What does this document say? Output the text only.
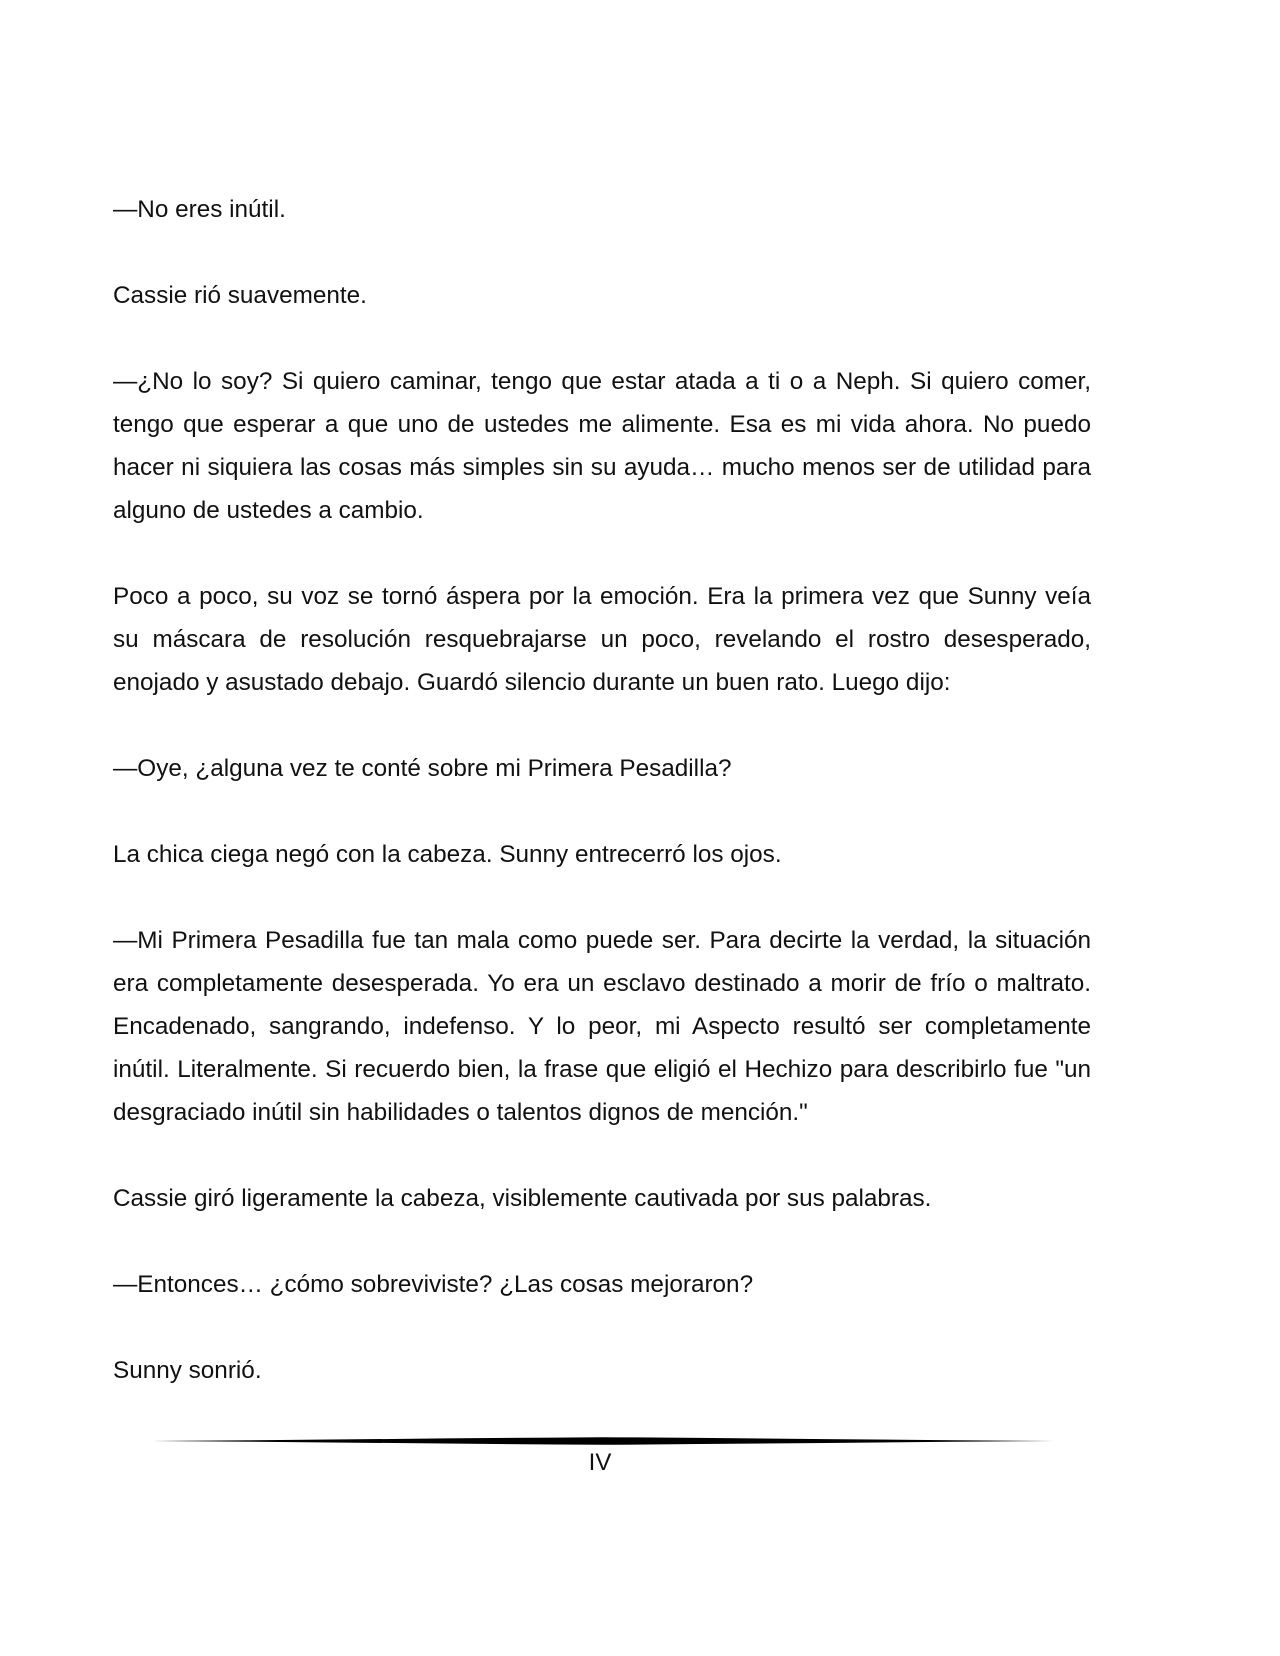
—No eres inútil.

Cassie rió suavemente.

—¿No lo soy? Si quiero caminar, tengo que estar atada a ti o a Neph. Si quiero comer, tengo que esperar a que uno de ustedes me alimente. Esa es mi vida ahora. No puedo hacer ni siquiera las cosas más simples sin su ayuda… mucho menos ser de utilidad para alguno de ustedes a cambio.

Poco a poco, su voz se tornó áspera por la emoción. Era la primera vez que Sunny veía su máscara de resolución resquebrajarse un poco, revelando el rostro desesperado, enojado y asustado debajo. Guardó silencio durante un buen rato. Luego dijo:

—Oye, ¿alguna vez te conté sobre mi Primera Pesadilla?

La chica ciega negó con la cabeza. Sunny entrecerró los ojos.

—Mi Primera Pesadilla fue tan mala como puede ser. Para decirte la verdad, la situación era completamente desesperada. Yo era un esclavo destinado a morir de frío o maltrato. Encadenado, sangrando, indefenso. Y lo peor, mi Aspecto resultó ser completamente inútil. Literalmente. Si recuerdo bien, la frase que eligió el Hechizo para describirlo fue "un desgraciado inútil sin habilidades o talentos dignos de mención."

Cassie giró ligeramente la cabeza, visiblemente cautivada por sus palabras.

—Entonces… ¿cómo sobreviviste? ¿Las cosas mejoraron?

Sunny sonrió.

IV
